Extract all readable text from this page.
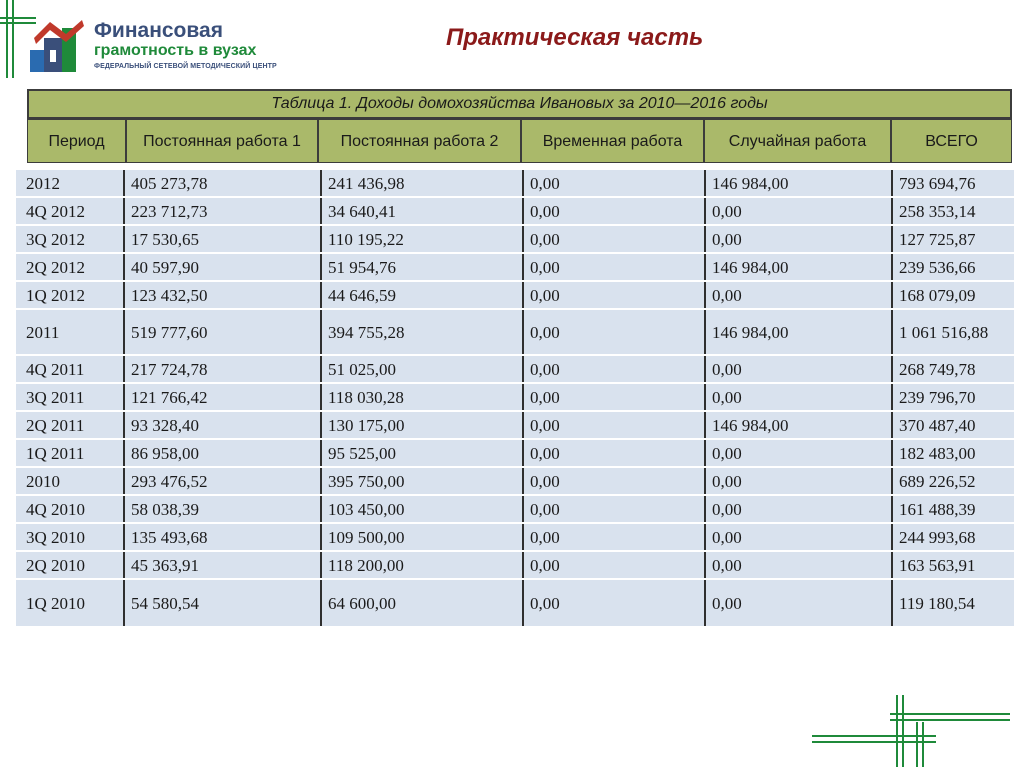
Финансовая
грамотность в вузах
ФЕДЕРАЛЬНЫЙ СЕТЕВОЙ МЕТОДИЧЕСКИЙ ЦЕНТР
Практическая часть
Таблица 1. Доходы домохозяйства Ивановых за 2010—2016 годы
Период	Постоянная работа 1	Постоянная работа 2	Временная работа	Случайная работа	ВСЕГО
2012	405 273,78	241 436,98	0,00	146 984,00	793 694,76
4Q 2012	223 712,73	34 640,41	0,00	0,00	258 353,14
3Q 2012	17 530,65	110 195,22	0,00	0,00	127 725,87
2Q 2012	40 597,90	51 954,76	0,00	146 984,00	239 536,66
1Q 2012	123 432,50	44 646,59	0,00	0,00	168 079,09
2011	519 777,60	394 755,28	0,00	146 984,00	1 061 516,88
4Q 2011	217 724,78	51 025,00	0,00	0,00	268 749,78
3Q 2011	121 766,42	118 030,28	0,00	0,00	239 796,70
2Q 2011	93 328,40	130 175,00	0,00	146 984,00	370 487,40
1Q 2011	86 958,00	95 525,00	0,00	0,00	182 483,00
2010	293 476,52	395 750,00	0,00	0,00	689 226,52
4Q 2010	58 038,39	103 450,00	0,00	0,00	161 488,39
3Q 2010	135 493,68	109 500,00	0,00	0,00	244 993,68
2Q 2010	45 363,91	118 200,00	0,00	0,00	163 563,91
1Q 2010	54 580,54	64 600,00	0,00	0,00	119 180,54
